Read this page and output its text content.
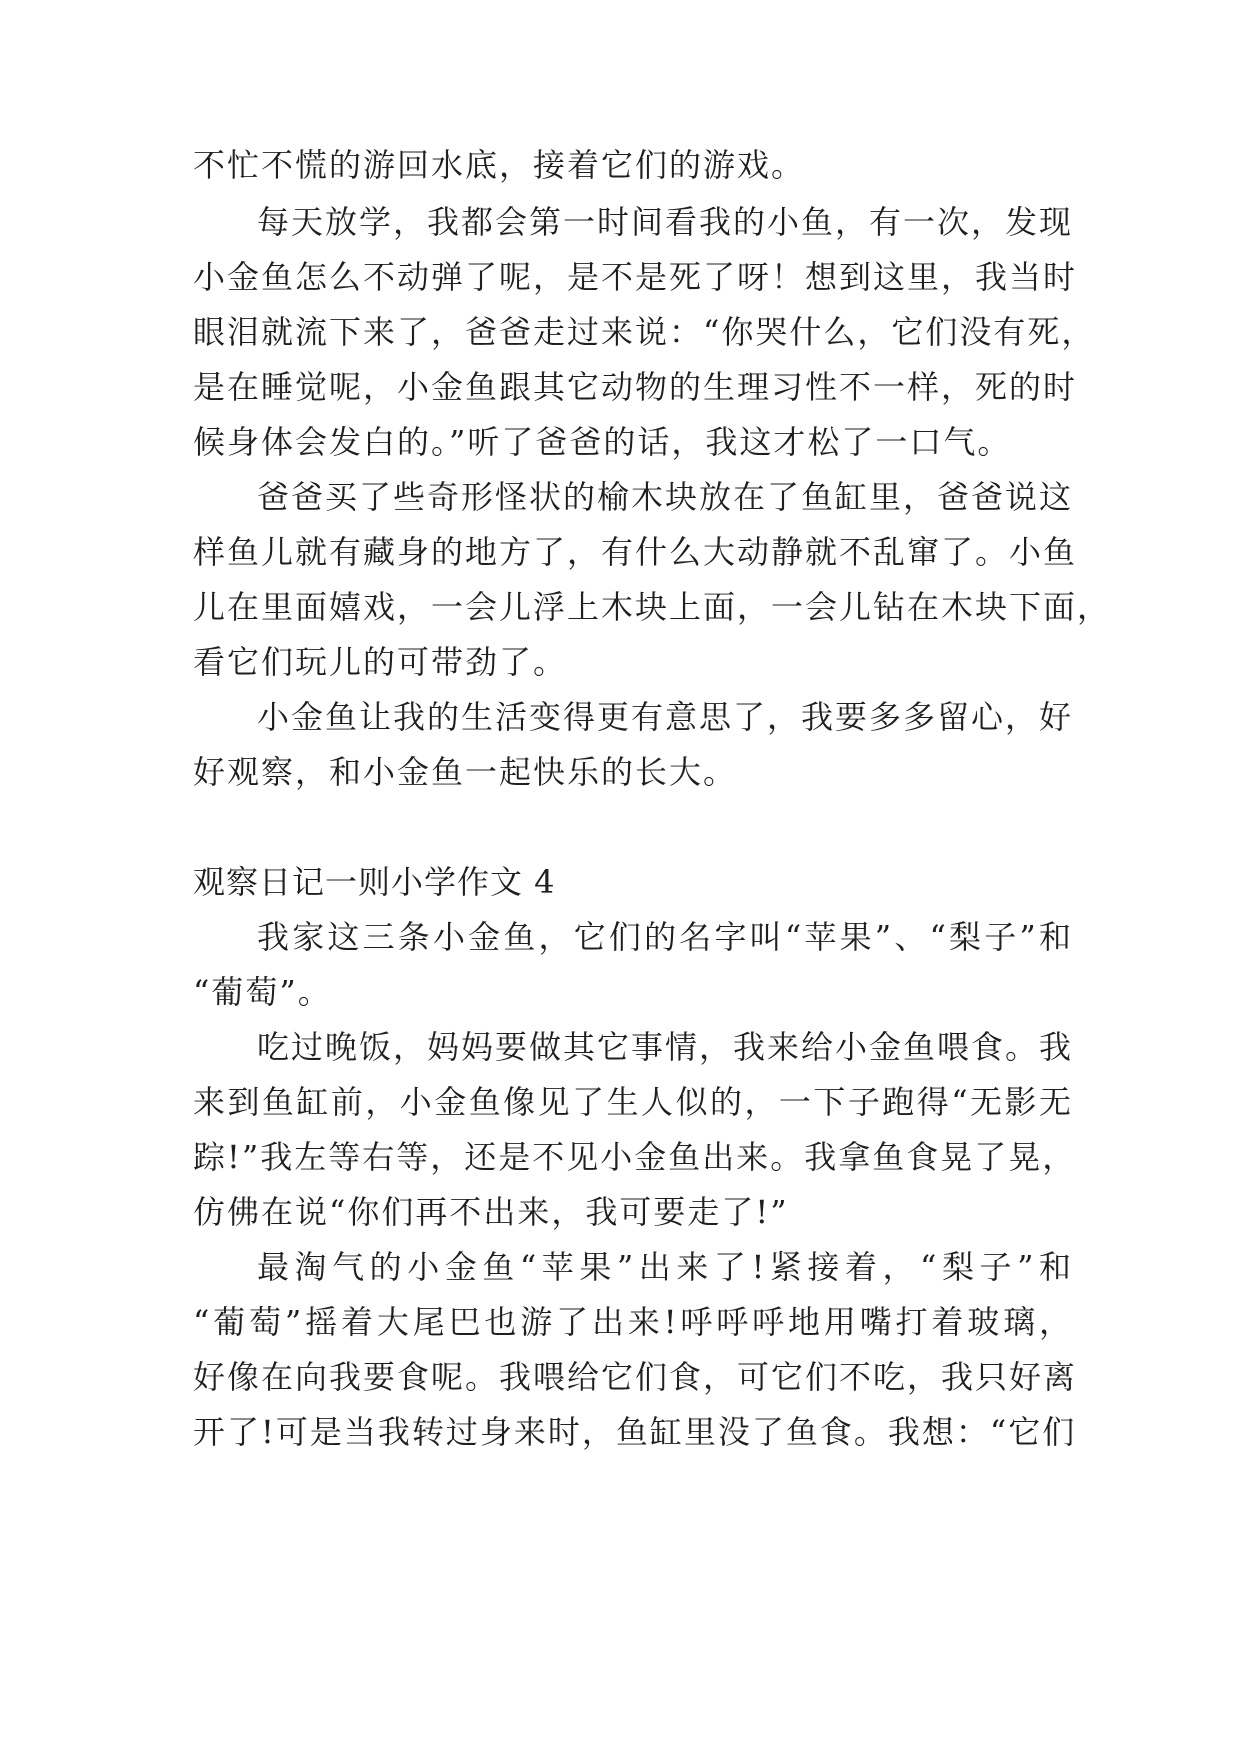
不忙不慌的游回水底，接着它们的游戏。
每天放学，我都会第一时间看我的小鱼，有一次，发现
小金鱼怎么不动弹了呢，是不是死了呀！想到这里，我当时
眼泪就流下来了，爸爸走过来说：“你哭什么，它们没有死，
是在睡觉呢，小金鱼跟其它动物的生理习性不一样，死的时
候身体会发白的。”听了爸爸的话，我这才松了一口气。
爸爸买了些奇形怪状的榆木块放在了鱼缸里，爸爸说这
样鱼儿就有藏身的地方了，有什么大动静就不乱窜了。小鱼
儿在里面嬉戏，一会儿浮上木块上面，一会儿钻在木块下面，
看它们玩儿的可带劲了。
小金鱼让我的生活变得更有意思了，我要多多留心，好
好观察，和小金鱼一起快乐的长大。
观察日记一则小学作文 4
我家这三条小金鱼，它们的名字叫“苹果”、“梨子”和
“葡萄”。
吃过晚饭，妈妈要做其它事情，我来给小金鱼喂食。我
来到鱼缸前，小金鱼像见了生人似的，一下子跑得“无影无
踪!”我左等右等，还是不见小金鱼出来。我拿鱼食晃了晃，
仿佛在说“你们再不出来，我可要走了!”
最淘气的小金鱼“苹果”出来了!紧接着，“梨子”和
“葡萄”摇着大尾巴也游了出来!呼呼呼地用嘴打着玻璃，
好像在向我要食呢。我喂给它们食，可它们不吃，我只好离
开了!可是当我转过身来时，鱼缸里没了鱼食。我想：“它们
